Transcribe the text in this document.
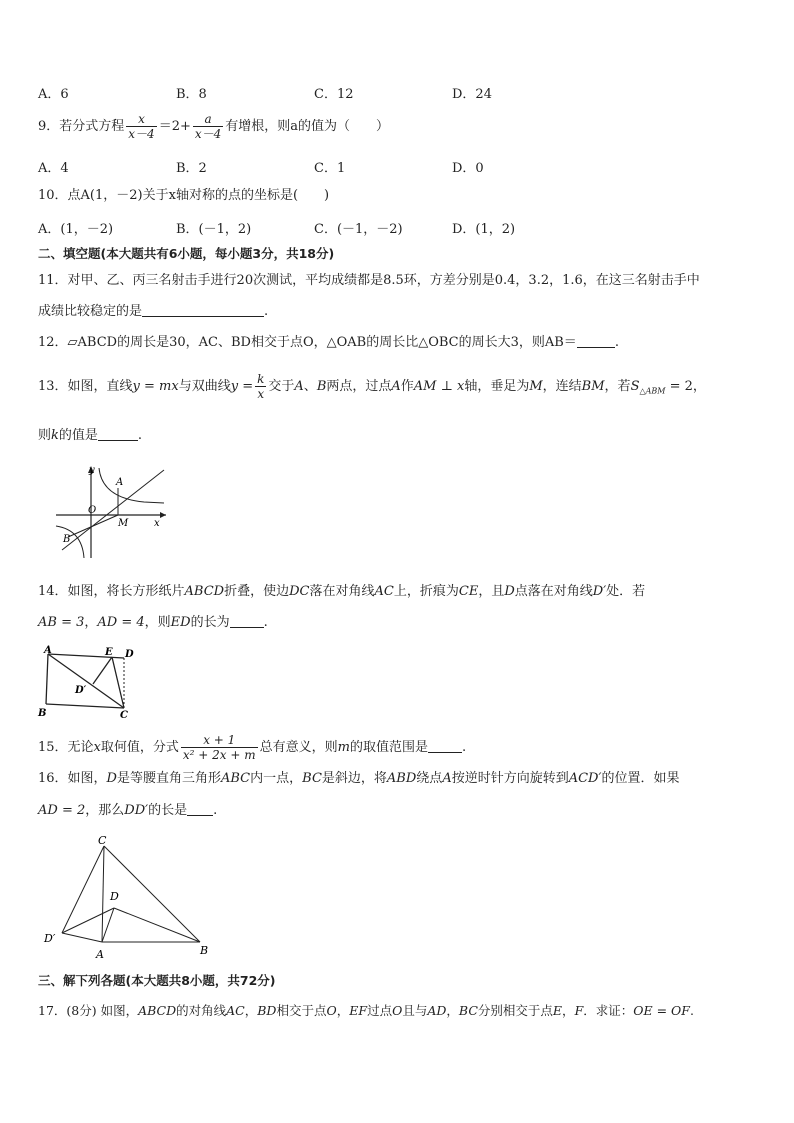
A．6	B．8	C．12	D．24
9．若分式方程 $\frac{x}{x-4} =2+ \frac{a}{x-4}$ 有增根，则a的值为（　　）
A．4	B．2	C．1	D．0
10．点A(1，－2)关于x轴对称的点的坐标是(　　)
A．(1，－2)	B．(－1，2)	C．(－1，－2)	D．(1，2)
二、填空题(本大题共有6小题，每小题3分，共18分)
11．对甲、乙、丙三名射击手进行20次测试，平均成绩都是8.5环，方差分别是0.4，3.2，1.6，在这三名射击手中
成绩比较稳定的是	.
12．▱ABCD的周长是30，AC、BD相交于点O，△OAB的周长比△OBC的周长大3，则AB＝	.
13．如图，直线y = mx与双曲线$y = \frac{k}{x}$ 交于A、B两点，过点A作AM ⊥ x轴，垂足为M，连结BM，若$S_{\triangle ABM} = 2$，
则k的值是	.
y
O
A
M	x
B
14．如图，将长方形纸片ABCD折叠，使边DC落在对角线AC上，折痕为CE，且D点落在对角线D′处．若
AB = 3，AD = 4，则ED的长为	.
A	E D
D′
B	C
15．无论x取何值，分式 $\frac{x + 1}{\text{x² + 2x + m}}$ 总有意义，则m的取值范围是	.
16．如图，D是等腰直角三角形ABC内一点，BC是斜边，将ABD绕点A按逆时针方向旋转到ACD′的位置．如果
AD = 2，那么DD′的长是 .
C
D
D′
A	B
三、解下列各题(本大题共8小题，共72分)
17．(8分) 如图，ABCD的对角线AC，BD相交于点O，EF过点O且与AD，BC分别相交于点E，F．求证：OE = OF.
